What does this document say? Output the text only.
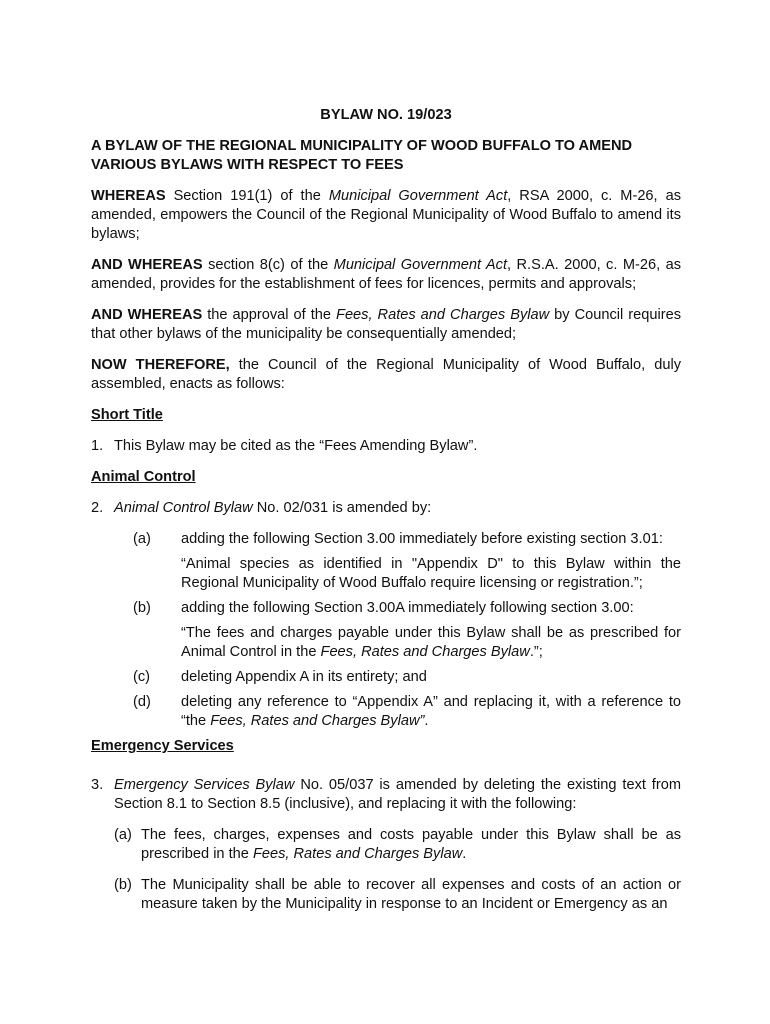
BYLAW NO. 19/023
A BYLAW OF THE REGIONAL MUNICIPALITY OF WOOD BUFFALO TO AMEND VARIOUS BYLAWS WITH RESPECT TO FEES

WHEREAS Section 191(1) of the Municipal Government Act, RSA 2000, c. M-26, as amended, empowers the Council of the Regional Municipality of Wood Buffalo to amend its bylaws;

AND WHEREAS section 8(c) of the Municipal Government Act, R.S.A. 2000, c. M-26, as amended, provides for the establishment of fees for licences, permits and approvals;

AND WHEREAS the approval of the Fees, Rates and Charges Bylaw by Council requires that other bylaws of the municipality be consequentially amended;

NOW THEREFORE, the Council of the Regional Municipality of Wood Buffalo, duly assembled, enacts as follows:

Short Title
1. This Bylaw may be cited as the “Fees Amending Bylaw”.
Animal Control
2. Animal Control Bylaw No. 02/031 is amended by:
(a)	adding the following Section 3.00 immediately before existing section 3.01:
“Animal species as identified in "Appendix D" to this Bylaw within the Regional Municipality of Wood Buffalo require licensing or registration.”;
(b)	adding the following Section 3.00A immediately following section 3.00:
“The fees and charges payable under this Bylaw shall be as prescribed for Animal Control in the Fees, Rates and Charges Bylaw.”;
(c)	deleting Appendix A in its entirety; and
(d)	deleting any reference to “Appendix A” and replacing it, with a reference to “the Fees, Rates and Charges Bylaw”.
Emergency Services
3. Emergency Services Bylaw No. 05/037 is amended by deleting the existing text from Section 8.1 to Section 8.5 (inclusive), and replacing it with the following:
(a) The fees, charges, expenses and costs payable under this Bylaw shall be as prescribed in the Fees, Rates and Charges Bylaw.
(b) The Municipality shall be able to recover all expenses and costs of an action or measure taken by the Municipality in response to an Incident or Emergency as an
